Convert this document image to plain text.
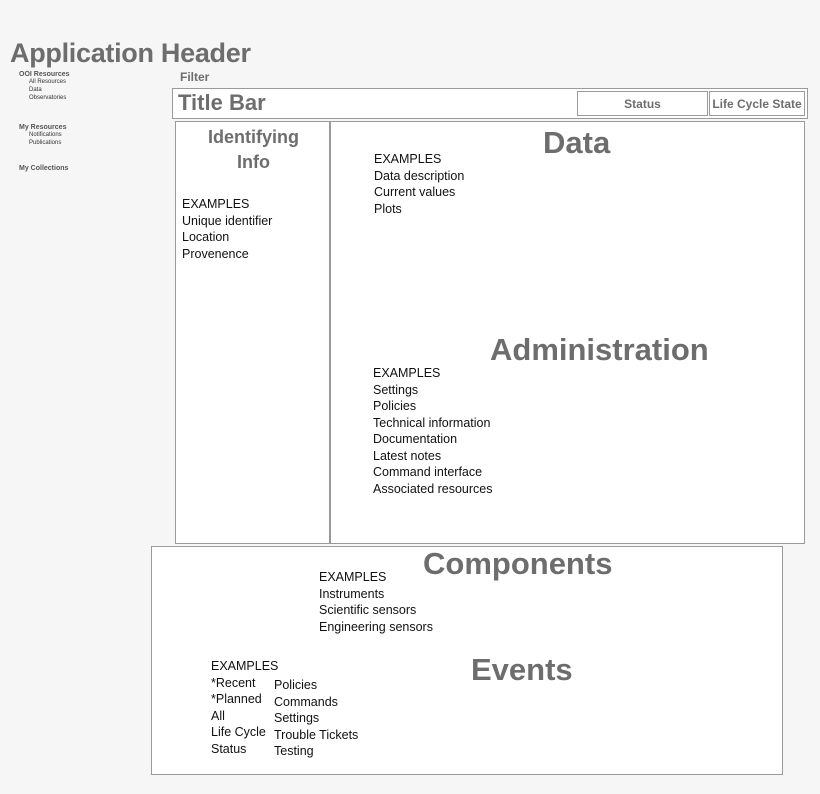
Application Header
Filter
OOI Resources
All Resources
Data
Observatories
My Resources
Notifications
Publications
My Collections
Title Bar	Status	Life Cycle State
Identifying
Info
EXAMPLES
Unique identifier
Location
Provenence
Data
EXAMPLES
Data description
Current values
Plots
Administration
EXAMPLES
Settings
Policies
Technical information
Documentation
Latest notes
Command interface
Associated resources
Components
EXAMPLES
Instruments
Scientific sensors
Engineering sensors
Events
EXAMPLES
*Recent
*Planned
All
Life Cycle
Status
Policies
Commands
Settings
Trouble Tickets
Testing
